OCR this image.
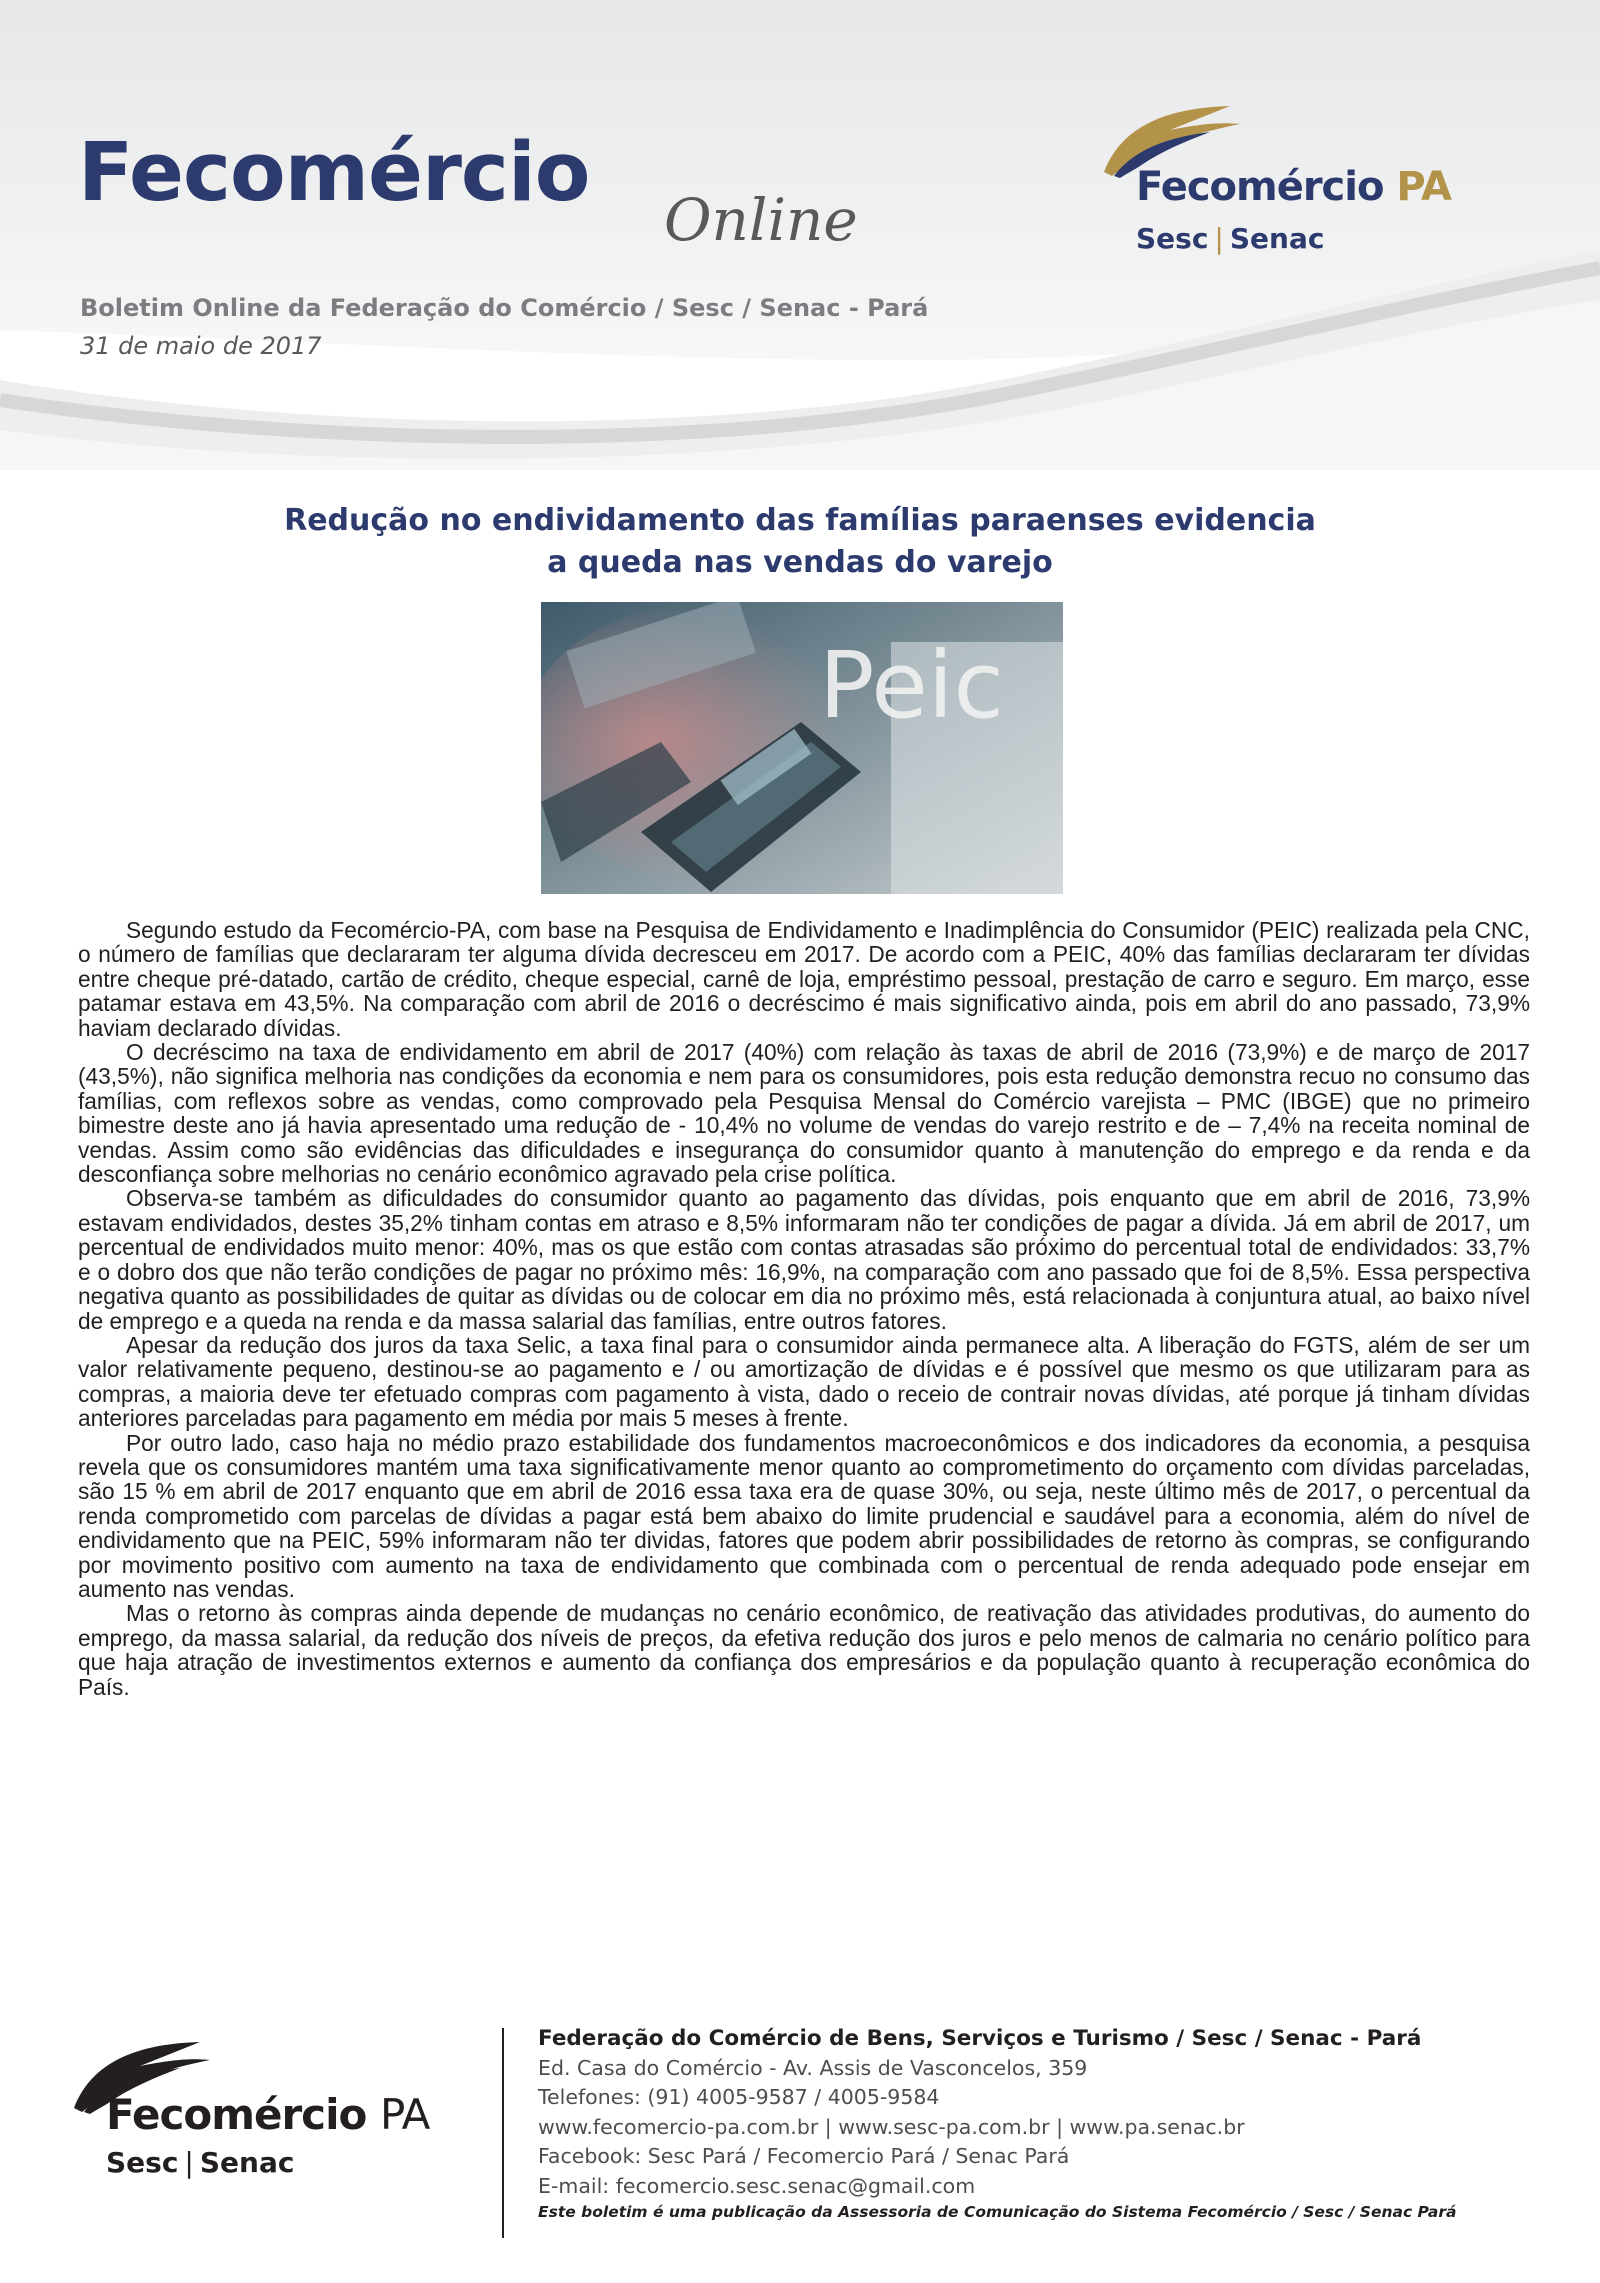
Fecomércio Online
Boletim Online da Federação do Comércio / Sesc / Senac - Pará
31 de maio de 2017
Fecomércio PA
Sesc | Senac
Redução no endividamento das famílias paraenses evidencia
a queda nas vendas do varejo
Peic

Segundo estudo da Fecomércio-PA, com base na Pesquisa de Endividamento e Inadimplência do Consumidor (PEIC) realizada pela CNC, o número de famílias que declararam ter alguma dívida decresceu em 2017. De acordo com a PEIC, 40% das famílias declararam ter dívidas entre cheque pré-datado, cartão de crédito, cheque especial, carnê de loja, empréstimo pessoal, prestação de carro e seguro. Em março, esse patamar estava em 43,5%. Na comparação com abril de 2016 o decréscimo é mais significativo ainda, pois em abril do ano passado, 73,9% haviam declarado dívidas.

O decréscimo na taxa de endividamento em abril de 2017 (40%) com relação às taxas de abril de 2016 (73,9%) e de março de 2017 (43,5%), não significa melhoria nas condições da economia e nem para os consumidores, pois esta redução demonstra recuo no consumo das famílias, com reflexos sobre as vendas, como comprovado pela Pesquisa Mensal do Comércio varejista – PMC (IBGE) que no primeiro bimestre deste ano já havia apresentado uma redução de - 10,4% no volume de vendas do varejo restrito e de – 7,4% na receita nominal de vendas. Assim como são evidências das dificuldades e insegurança do consumidor quanto à manutenção do emprego e da renda e da desconfiança sobre melhorias no cenário econômico agravado pela crise política.

Observa-se também as dificuldades do consumidor quanto ao pagamento das dívidas, pois enquanto que em abril de 2016, 73,9% estavam endividados, destes 35,2% tinham contas em atraso e 8,5% informaram não ter condições de pagar a dívida. Já em abril de 2017, um percentual de endividados muito menor: 40%, mas os que estão com contas atrasadas são próximo do percentual total de endividados: 33,7% e o dobro dos que não terão condições de pagar no próximo mês: 16,9%, na comparação com ano passado que foi de 8,5%. Essa perspectiva negativa quanto as possibilidades de quitar as dívidas ou de colocar em dia no próximo mês, está relacionada à conjuntura atual, ao baixo nível de emprego e a queda na renda e da massa salarial das famílias, entre outros fatores.

Apesar da redução dos juros da taxa Selic, a taxa final para o consumidor ainda permanece alta. A liberação do FGTS, além de ser um valor relativamente pequeno, destinou-se ao pagamento e / ou amortização de dívidas e é possível que mesmo os que utilizaram para as compras, a maioria deve ter efetuado compras com pagamento à vista, dado o receio de contrair novas dívidas, até porque já tinham dívidas anteriores parceladas para pagamento em média por mais 5 meses à frente.

Por outro lado, caso haja no médio prazo estabilidade dos fundamentos macroeconômicos e dos indicadores da economia, a pesquisa revela que os consumidores mantém uma taxa significativamente menor quanto ao comprometimento do orçamento com dívidas parceladas, são 15 % em abril de 2017 enquanto que em abril de 2016 essa taxa era de quase 30%, ou seja, neste último mês de 2017, o percentual da renda comprometido com parcelas de dívidas a pagar está bem abaixo do limite prudencial e saudável para a economia, além do nível de endividamento que na PEIC, 59% informaram não ter dividas, fatores que podem abrir possibilidades de retorno às compras, se configurando por movimento positivo com aumento na taxa de endividamento que combinada com o percentual de renda adequado pode ensejar em aumento nas vendas.

Mas o retorno às compras ainda depende de mudanças no cenário econômico, de reativação das atividades produtivas, do aumento do emprego, da massa salarial, da redução dos níveis de preços, da efetiva redução dos juros e pelo menos de calmaria no cenário político para que haja atração de investimentos externos e aumento da confiança dos empresários e da população quanto à recuperação econômica do País.

Fecomércio PA
Sesc | Senac
Federação do Comércio de Bens, Serviços e Turismo / Sesc / Senac - Pará
Ed. Casa do Comércio - Av. Assis de Vasconcelos, 359
Telefones: (91) 4005-9587 / 4005-9584
www.fecomercio-pa.com.br | www.sesc-pa.com.br | www.pa.senac.br
Facebook: Sesc Pará / Fecomercio Pará / Senac Pará
E-mail: fecomercio.sesc.senac@gmail.com
Este boletim é uma publicação da Assessoria de Comunicação do Sistema Fecomércio / Sesc / Senac Pará
